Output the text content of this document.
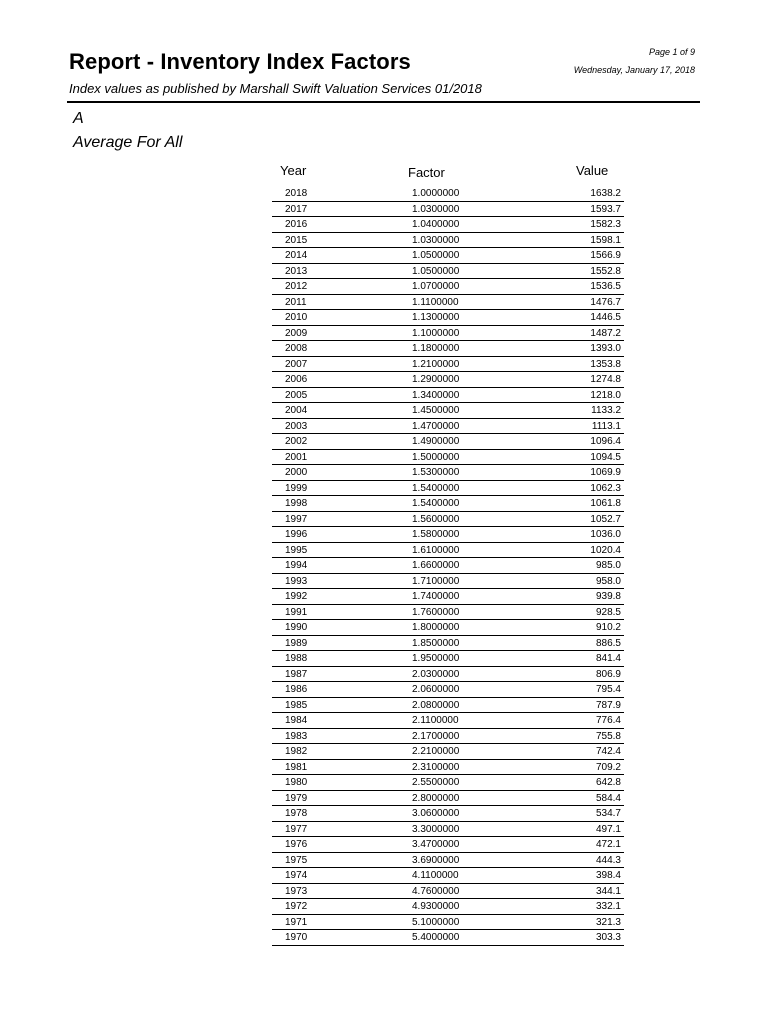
Report - Inventory Index Factors
Index values as published by Marshall Swift Valuation Services 01/2018
Page 1 of 9
Wednesday, January 17, 2018
A
Average For All
Year	Factor	Value
2018	1.0000000	1638.2
2017	1.0300000	1593.7
2016	1.0400000	1582.3
2015	1.0300000	1598.1
2014	1.0500000	1566.9
2013	1.0500000	1552.8
2012	1.0700000	1536.5
2011	1.1100000	1476.7
2010	1.1300000	1446.5
2009	1.1000000	1487.2
2008	1.1800000	1393.0
2007	1.2100000	1353.8
2006	1.2900000	1274.8
2005	1.3400000	1218.0
2004	1.4500000	1133.2
2003	1.4700000	1113.1
2002	1.4900000	1096.4
2001	1.5000000	1094.5
2000	1.5300000	1069.9
1999	1.5400000	1062.3
1998	1.5400000	1061.8
1997	1.5600000	1052.7
1996	1.5800000	1036.0
1995	1.6100000	1020.4
1994	1.6600000	985.0
1993	1.7100000	958.0
1992	1.7400000	939.8
1991	1.7600000	928.5
1990	1.8000000	910.2
1989	1.8500000	886.5
1988	1.9500000	841.4
1987	2.0300000	806.9
1986	2.0600000	795.4
1985	2.0800000	787.9
1984	2.1100000	776.4
1983	2.1700000	755.8
1982	2.2100000	742.4
1981	2.3100000	709.2
1980	2.5500000	642.8
1979	2.8000000	584.4
1978	3.0600000	534.7
1977	3.3000000	497.1
1976	3.4700000	472.1
1975	3.6900000	444.3
1974	4.1100000	398.4
1973	4.7600000	344.1
1972	4.9300000	332.1
1971	5.1000000	321.3
1970	5.4000000	303.3
